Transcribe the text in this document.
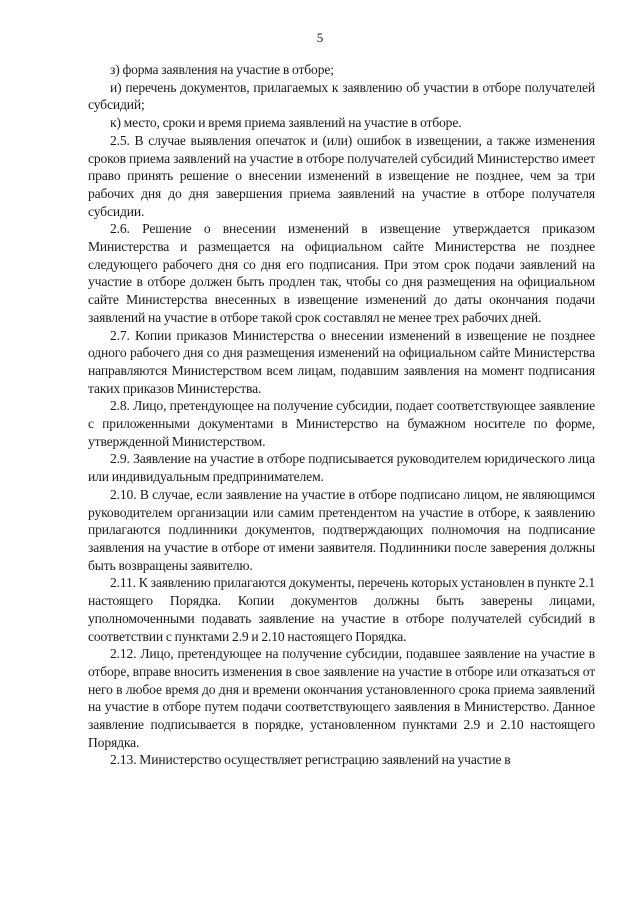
5

з) форма заявления на участие в отборе;

и) перечень документов, прилагаемых к заявлению об участии в отборе получателей субсидий;

к) место, сроки и время приема заявлений на участие в отборе.

2.5. В случае выявления опечаток и (или) ошибок в извещении, а также изменения сроков приема заявлений на участие в отборе получателей субсидий Министерство имеет право принять решение о внесении изменений в извещение не позднее, чем за три рабочих дня до дня завершения приема заявлений на участие в отборе получателя субсидии.

2.6. Решение о внесении изменений в извещение утверждается приказом Министерства и размещается на официальном сайте Министерства не позднее следующего рабочего дня со дня его подписания. При этом срок подачи заявлений на участие в отборе должен быть продлен так, чтобы со дня размещения на официальном сайте Министерства внесенных в извещение изменений до даты окончания подачи заявлений на участие в отборе такой срок составлял не менее трех рабочих дней.

2.7. Копии приказов Министерства о внесении изменений в извещение не позднее одного рабочего дня со дня размещения изменений на официальном сайте Министерства направляются Министерством всем лицам, подавшим заявления на момент подписания таких приказов Министерства.

2.8. Лицо, претендующее на получение субсидии, подает соответствующее заявление с приложенными документами в Министерство на бумажном носителе по форме, утвержденной Министерством.

2.9. Заявление на участие в отборе подписывается руководителем юридического лица или индивидуальным предпринимателем.

2.10. В случае, если заявление на участие в отборе подписано лицом, не являющимся руководителем организации или самим претендентом на участие в отборе, к заявлению прилагаются подлинники документов, подтверждающих полномочия на подписание заявления на участие в отборе от имени заявителя. Подлинники после заверения должны быть возвращены заявителю.

2.11. К заявлению прилагаются документы, перечень которых установлен в пункте 2.1 настоящего Порядка. Копии документов должны быть заверены лицами, уполномоченными подавать заявление на участие в отборе получателей субсидий в соответствии с пунктами 2.9 и 2.10 настоящего Порядка.

2.12. Лицо, претендующее на получение субсидии, подавшее заявление на участие в отборе, вправе вносить изменения в свое заявление на участие в отборе или отказаться от него в любое время до дня и времени окончания установленного срока приема заявлений на участие в отборе путем подачи соответствующего заявления в Министерство. Данное заявление подписывается в порядке, установленном пунктами 2.9 и 2.10 настоящего Порядка.

2.13. Министерство осуществляет регистрацию заявлений на участие в
